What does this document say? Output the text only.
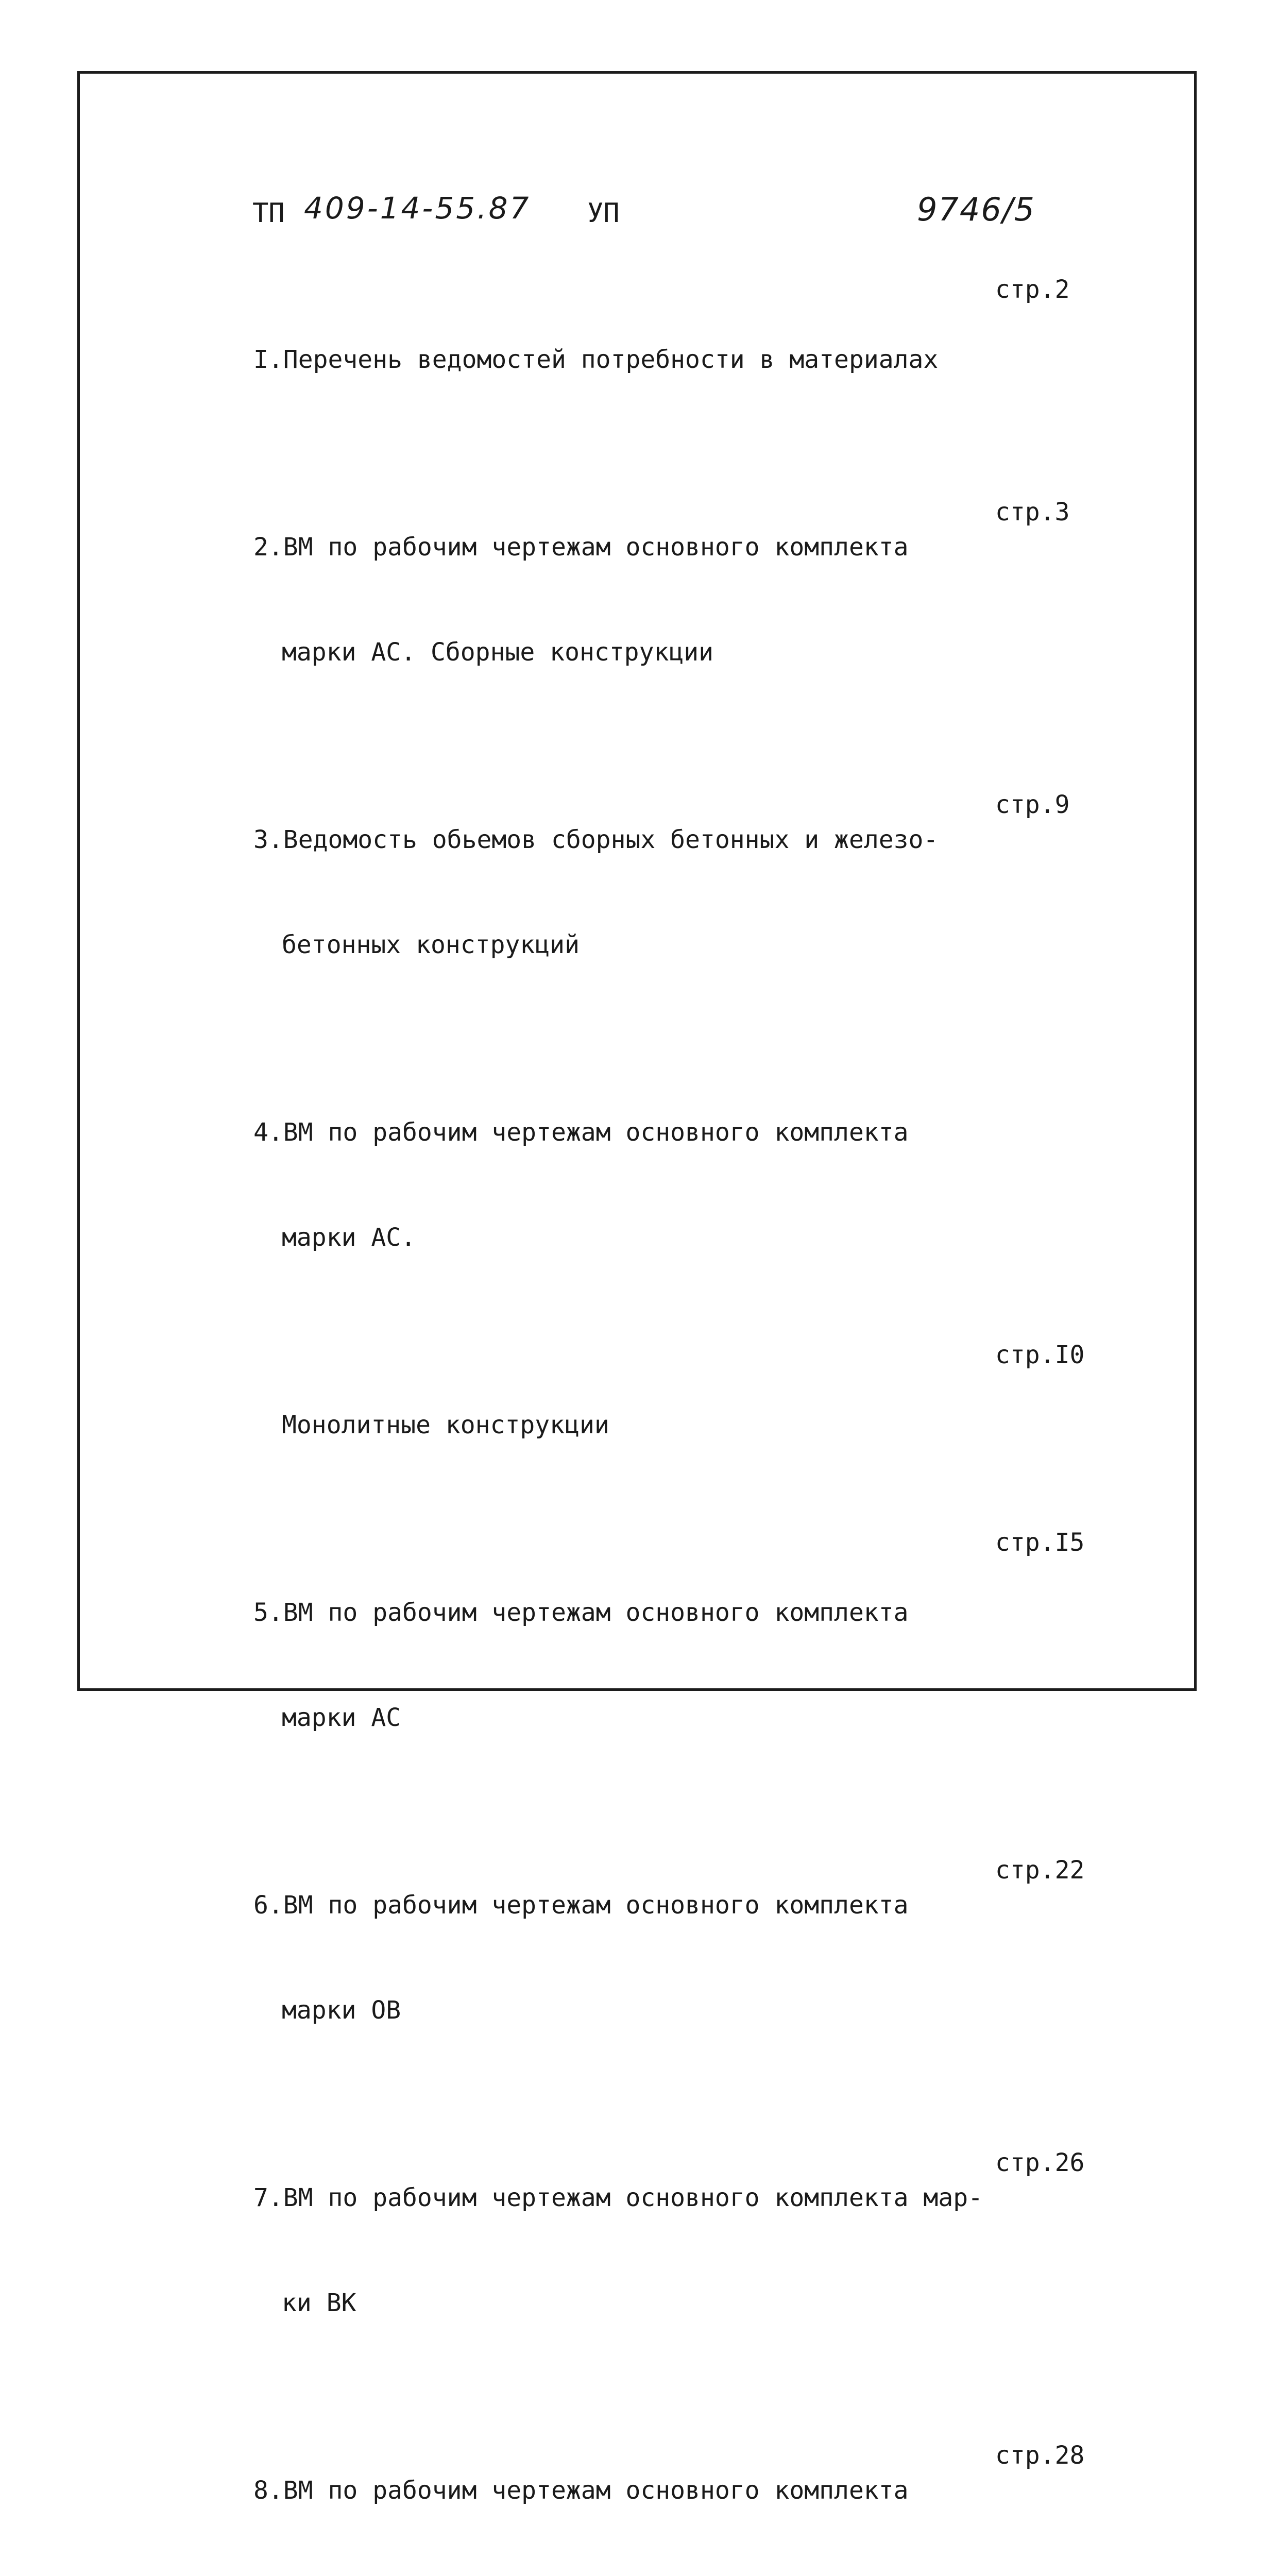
ТП 409-14-55.87 УП	9746/5

I.Перечень ведомостей потребности в материалах

стр.2

2.ВМ по рабочим чертежам основного комплекта

марки АС. Сборные конструкции

стр.3

3.Ведомость обьемов сборных бетонных и железо-

бетонных конструкций

стр.9

4.ВМ по рабочим чертежам основного комплекта

марки АС.

Монолитные конструкции

стр.I0

5.ВМ по рабочим чертежам основного комплекта

марки АС

стр.I5

6.ВМ по рабочим чертежам основного комплекта

марки ОВ

стр.22

7.ВМ по рабочим чертежам основного комплекта мар-

ки ВК

стр.26

8.ВМ по рабочим чертежам основного комплекта

стр.28
